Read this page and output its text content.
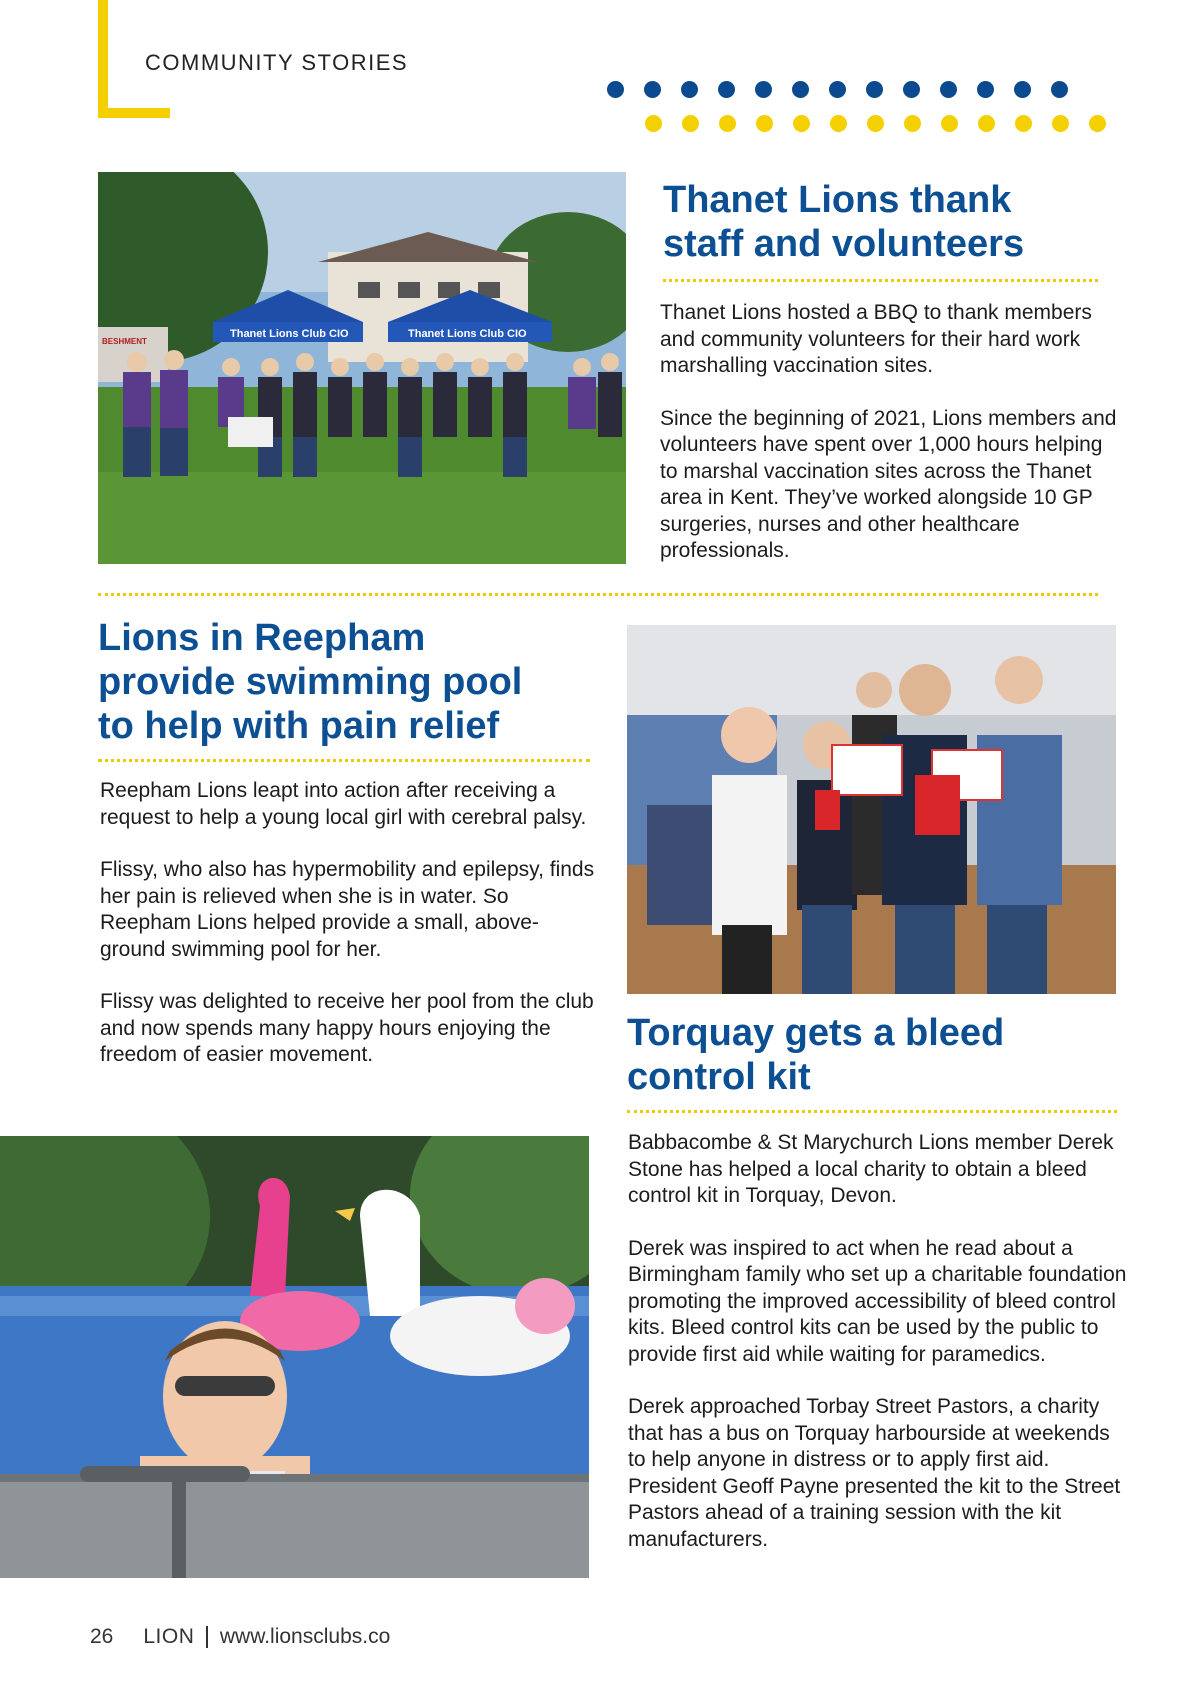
COMMUNITY STORIES
Thanet Lions Club CIO	Thanet Lions Club CIO
BESHMENT
Thanet Lions thank
staff and volunteers

Thanet Lions hosted a BBQ to thank members and community volunteers for their hard work marshalling vaccination sites.

Since the beginning of 2021, Lions members and volunteers have spent over 1,000 hours helping to marshal vaccination sites across the Thanet area in Kent. They’ve worked alongside 10 GP surgeries, nurses and other healthcare professionals.

Lions in Reepham
provide swimming pool
to help with pain relief

Reepham Lions leapt into action after receiving a request to help a young local girl with cerebral palsy.

Flissy, who also has hypermobility and epilepsy, finds her pain is relieved when she is in water. So Reepham Lions helped provide a small, above-ground swimming pool for her.

Flissy was delighted to receive her pool from the club and now spends many happy hours enjoying the freedom of easier movement.

Torquay gets a bleed
control kit

Babbacombe & St Marychurch Lions member Derek Stone has helped a local charity to obtain a bleed control kit in Torquay, Devon.

Derek was inspired to act when he read about a Birmingham family who set up a charitable foundation promoting the improved accessibility of bleed control kits. Bleed control kits can be used by the public to provide first aid while waiting for paramedics.

Derek approached Torbay Street Pastors, a charity that has a bus on Torquay harbourside at weekends to help anyone in distress or to apply first aid. President Geoff Payne presented the kit to the Street Pastors ahead of a training session with the kit manufacturers.

26 LION www.lionsclubs.co
